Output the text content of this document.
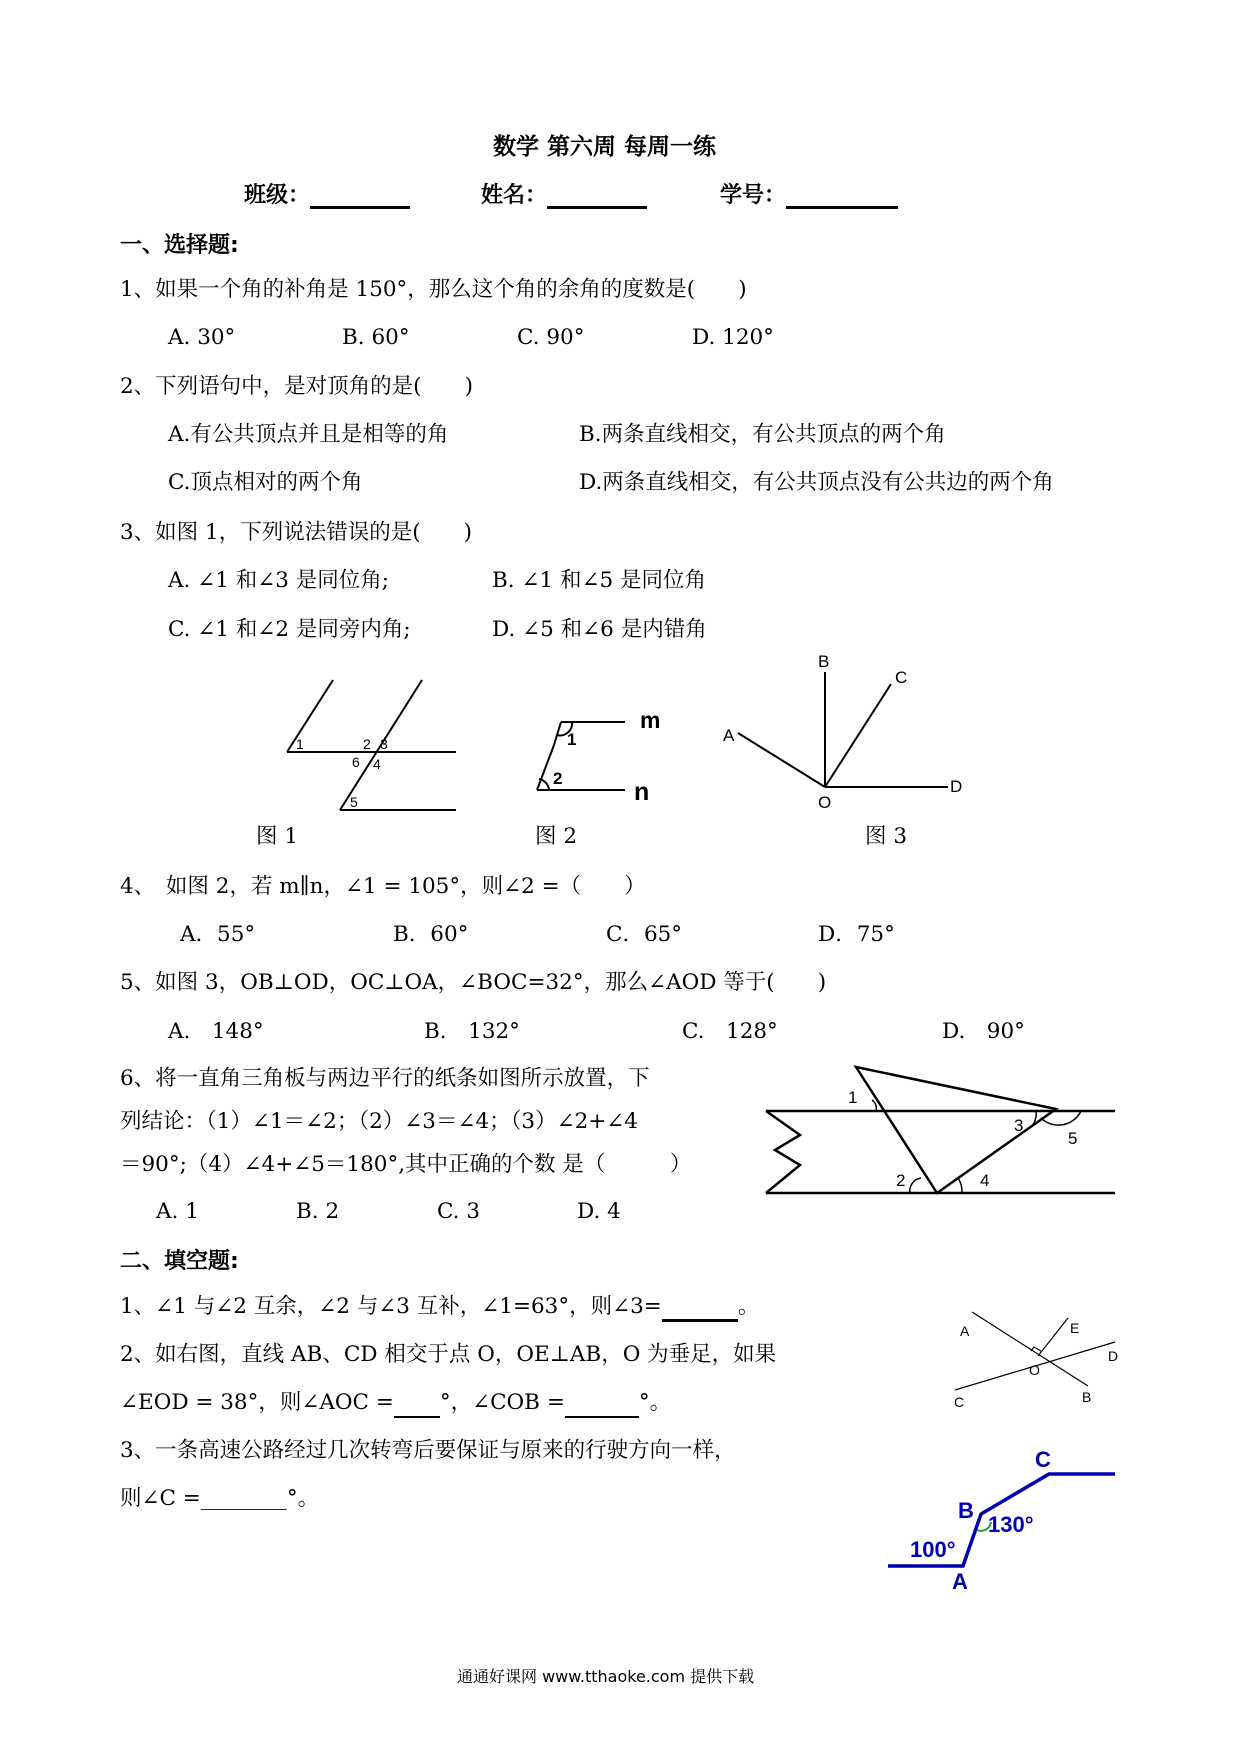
数学 第六周 每周一练
班级：	姓名：	学号：
一、选择题:
1、如果一个角的补角是 150°，那么这个角的余角的度数是(　　)
A. 30°	B. 60°	C. 90°	D. 120°
2、下列语句中，是对顶角的是(　　)
A.有公共顶点并且是相等的角	B.两条直线相交，有公共顶点的两个角
C.顶点相对的两个角	D.两条直线相交，有公共顶点没有公共边的两个角
3、如图 1，下列说法错误的是(　　)
A. ∠1 和∠3 是同位角;	B. ∠1 和∠5 是同位角
C. ∠1 和∠2 是同旁内角;	D. ∠5 和∠6 是内错角
1	2 3
6 4
5
1
2
m
n
A
B
C
D
O
图 1	图 2	图 3
4、　如图 2，若 m∥n，∠1 = 105°，则∠2 =（　　）
A．55°	B．60°	C．65°	D．75°
5、如图 3，OB⊥OD，OC⊥OA，∠BOC=32°，那么∠AOD 等于(　　)
A.　148°	B.　132°	C.　128°	D.　90°
6、将一直角三角板与两边平行的纸条如图所示放置，下
列结论：（1）∠1＝∠2；（2）∠3＝∠4；（3）∠2+∠4
＝90°;（4）∠4+∠5＝180°,其中正确的个数 是（　　　）
A. 1	B. 2	C. 3	D. 4
1
2
3
4
5
二、填空题:
1、∠1 与∠2 互余，∠2 与∠3 互补，∠1=63°，则∠3=	。
2、如右图，直线 AB、CD 相交于点 O，OE⊥AB，O 为垂足，如果
∠EOD = 38°，则∠AOC = °，∠COB =	°。
3、一条高速公路经过几次转弯后要保证与原来的行驶方向一样，
则∠C =________°。
A	E
D
C
O
B
C
B
130°
100°
A
通通好课网 www.tthaoke.com 提供下载
